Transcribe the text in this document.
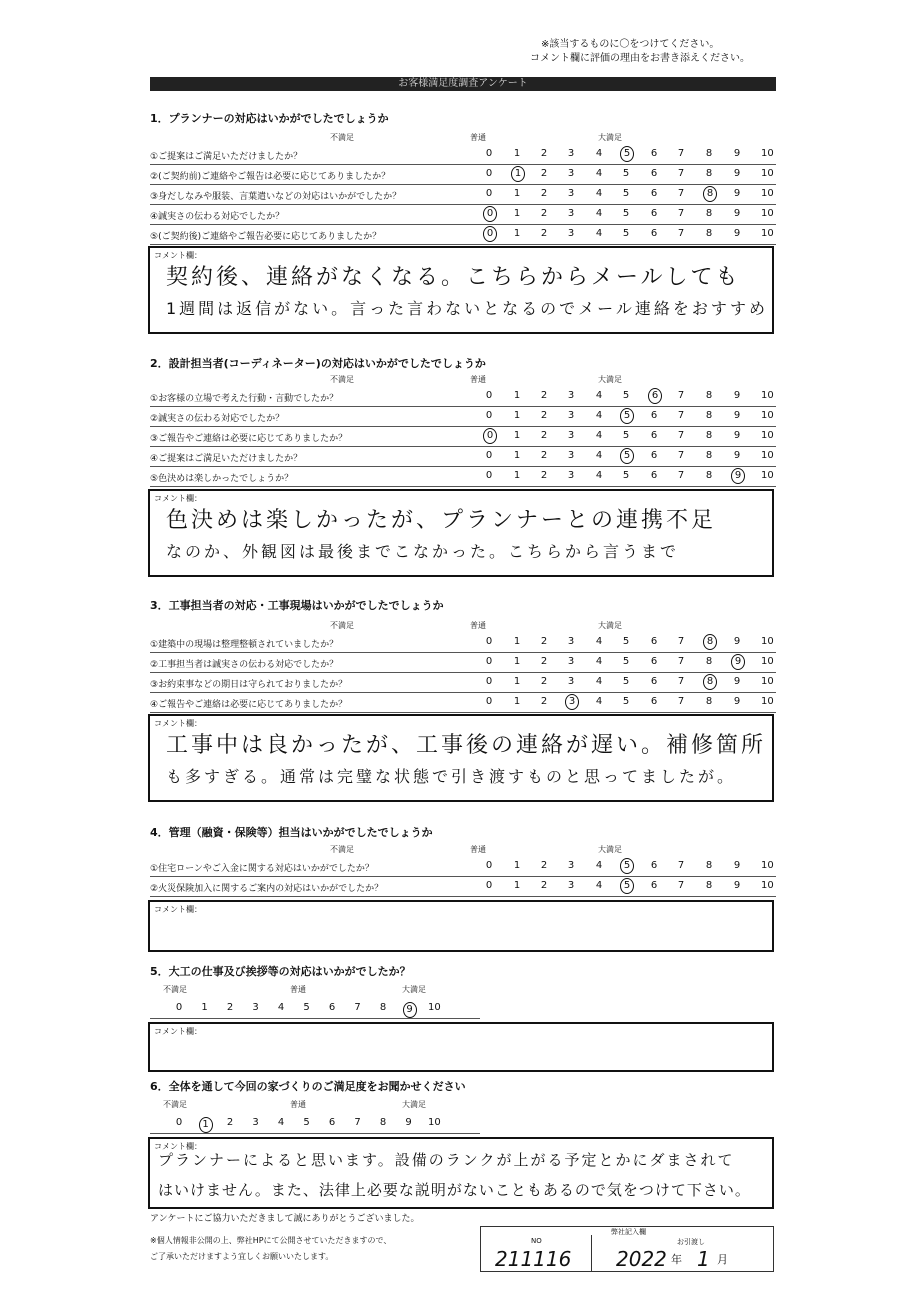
※該当するものに〇をつけてください。
コメント欄に評価の理由をお書き添えください。
お客様満足度調査アンケート
1．プランナーの対応はいかがでしたでしょうか
不満足	普通	大満足
①ご提案はご満足いただけましたか？	0 1 2 3 4	5	6 7 8 9 10
②(ご契約前)ご連絡やご報告は必要に応じてありましたか？	0	1	2 3 4 5 6 7 8 9 10
③身だしなみや服装、言葉遣いなどの対応はいかがでしたか？	0 1 2 3 4 5 6 7	8	9 10
④誠実さの伝わる対応でしたか？	0	1 2 3 4 5 6 7 8 9 10
⑤(ご契約後)ご連絡やご報告必要に応じてありましたか？	0	1 2 3 4 5 6 7 8 9 10
コメント欄：
契約後、連絡がなくなる。こちらからメールしても
1週間は返信がない。言った言わないとなるのでメール連絡をおすすめ
2．設計担当者(コーディネーター)の対応はいかがでしたでしょうか
不満足	普通	大満足
①お客様の立場で考えた行動・言動でしたか？	0 1 2 3 4 5	6	7 8 9 10
②誠実さの伝わる対応でしたか？	0 1 2 3 4	5	6 7 8 9 10
③ご報告やご連絡は必要に応じてありましたか？	0	1 2 3 4 5 6 7 8 9 10
④ご提案はご満足いただけましたか？	0 1 2 3 4	5	6 7 8 9 10
⑤色決めは楽しかったでしょうか？	0 1 2 3 4 5 6 7 8	9	10
コメント欄：
色決めは楽しかったが、プランナーとの連携不足
なのか、外観図は最後までこなかった。こちらから言うまで
3．工事担当者の対応・工事現場はいかがでしたでしょうか
不満足	普通	大満足
①建築中の現場は整理整頓されていましたか？	0 1 2 3 4 5 6 7	8	9 10
②工事担当者は誠実さの伝わる対応でしたか？	0 1 2 3 4 5 6 7 8	9	10
③お約束事などの期日は守られておりましたか？	0 1 2 3 4 5 6 7	8	9 10
④ご報告やご連絡は必要に応じてありましたか？	0 1 2	3	4 5 6 7 8 9 10
コメント欄：
工事中は良かったが、工事後の連絡が遅い。補修箇所
も多すぎる。通常は完璧な状態で引き渡すものと思ってましたが。
4．管理（融資・保険等）担当はいかがでしたでしょうか
不満足	普通	大満足
①住宅ローンやご入金に関する対応はいかがでしたか？	0 1 2 3 4	5	6 7 8 9 10
②火災保険加入に関するご案内の対応はいかがでしたか？	0 1 2 3 4	5	6 7 8 9 10
コメント欄：
5．大工の仕事及び挨拶等の対応はいかがでしたか？
不満足	普通	大満足
0 1 2 3 4 5 6 7 8	9	10
コメント欄：
6．全体を通して今回の家づくりのご満足度をお聞かせください
不満足	普通	大満足
0	1	2 3 4 5 6 7 8 9 10
コメント欄：
プランナーによると思います。設備のランクが上がる予定とかにダまされて
はいけません。また、法律上必要な説明がないこともあるので気をつけて下さい。
アンケートにご協力いただきまして誠にありがとうございました。
※個人情報非公開の上、弊社HPにて公開させていただきますので、
ご了承いただけますよう宜しくお願いいたします。
弊社記入欄
NO	お引渡し
211116 2022 年 1 月
